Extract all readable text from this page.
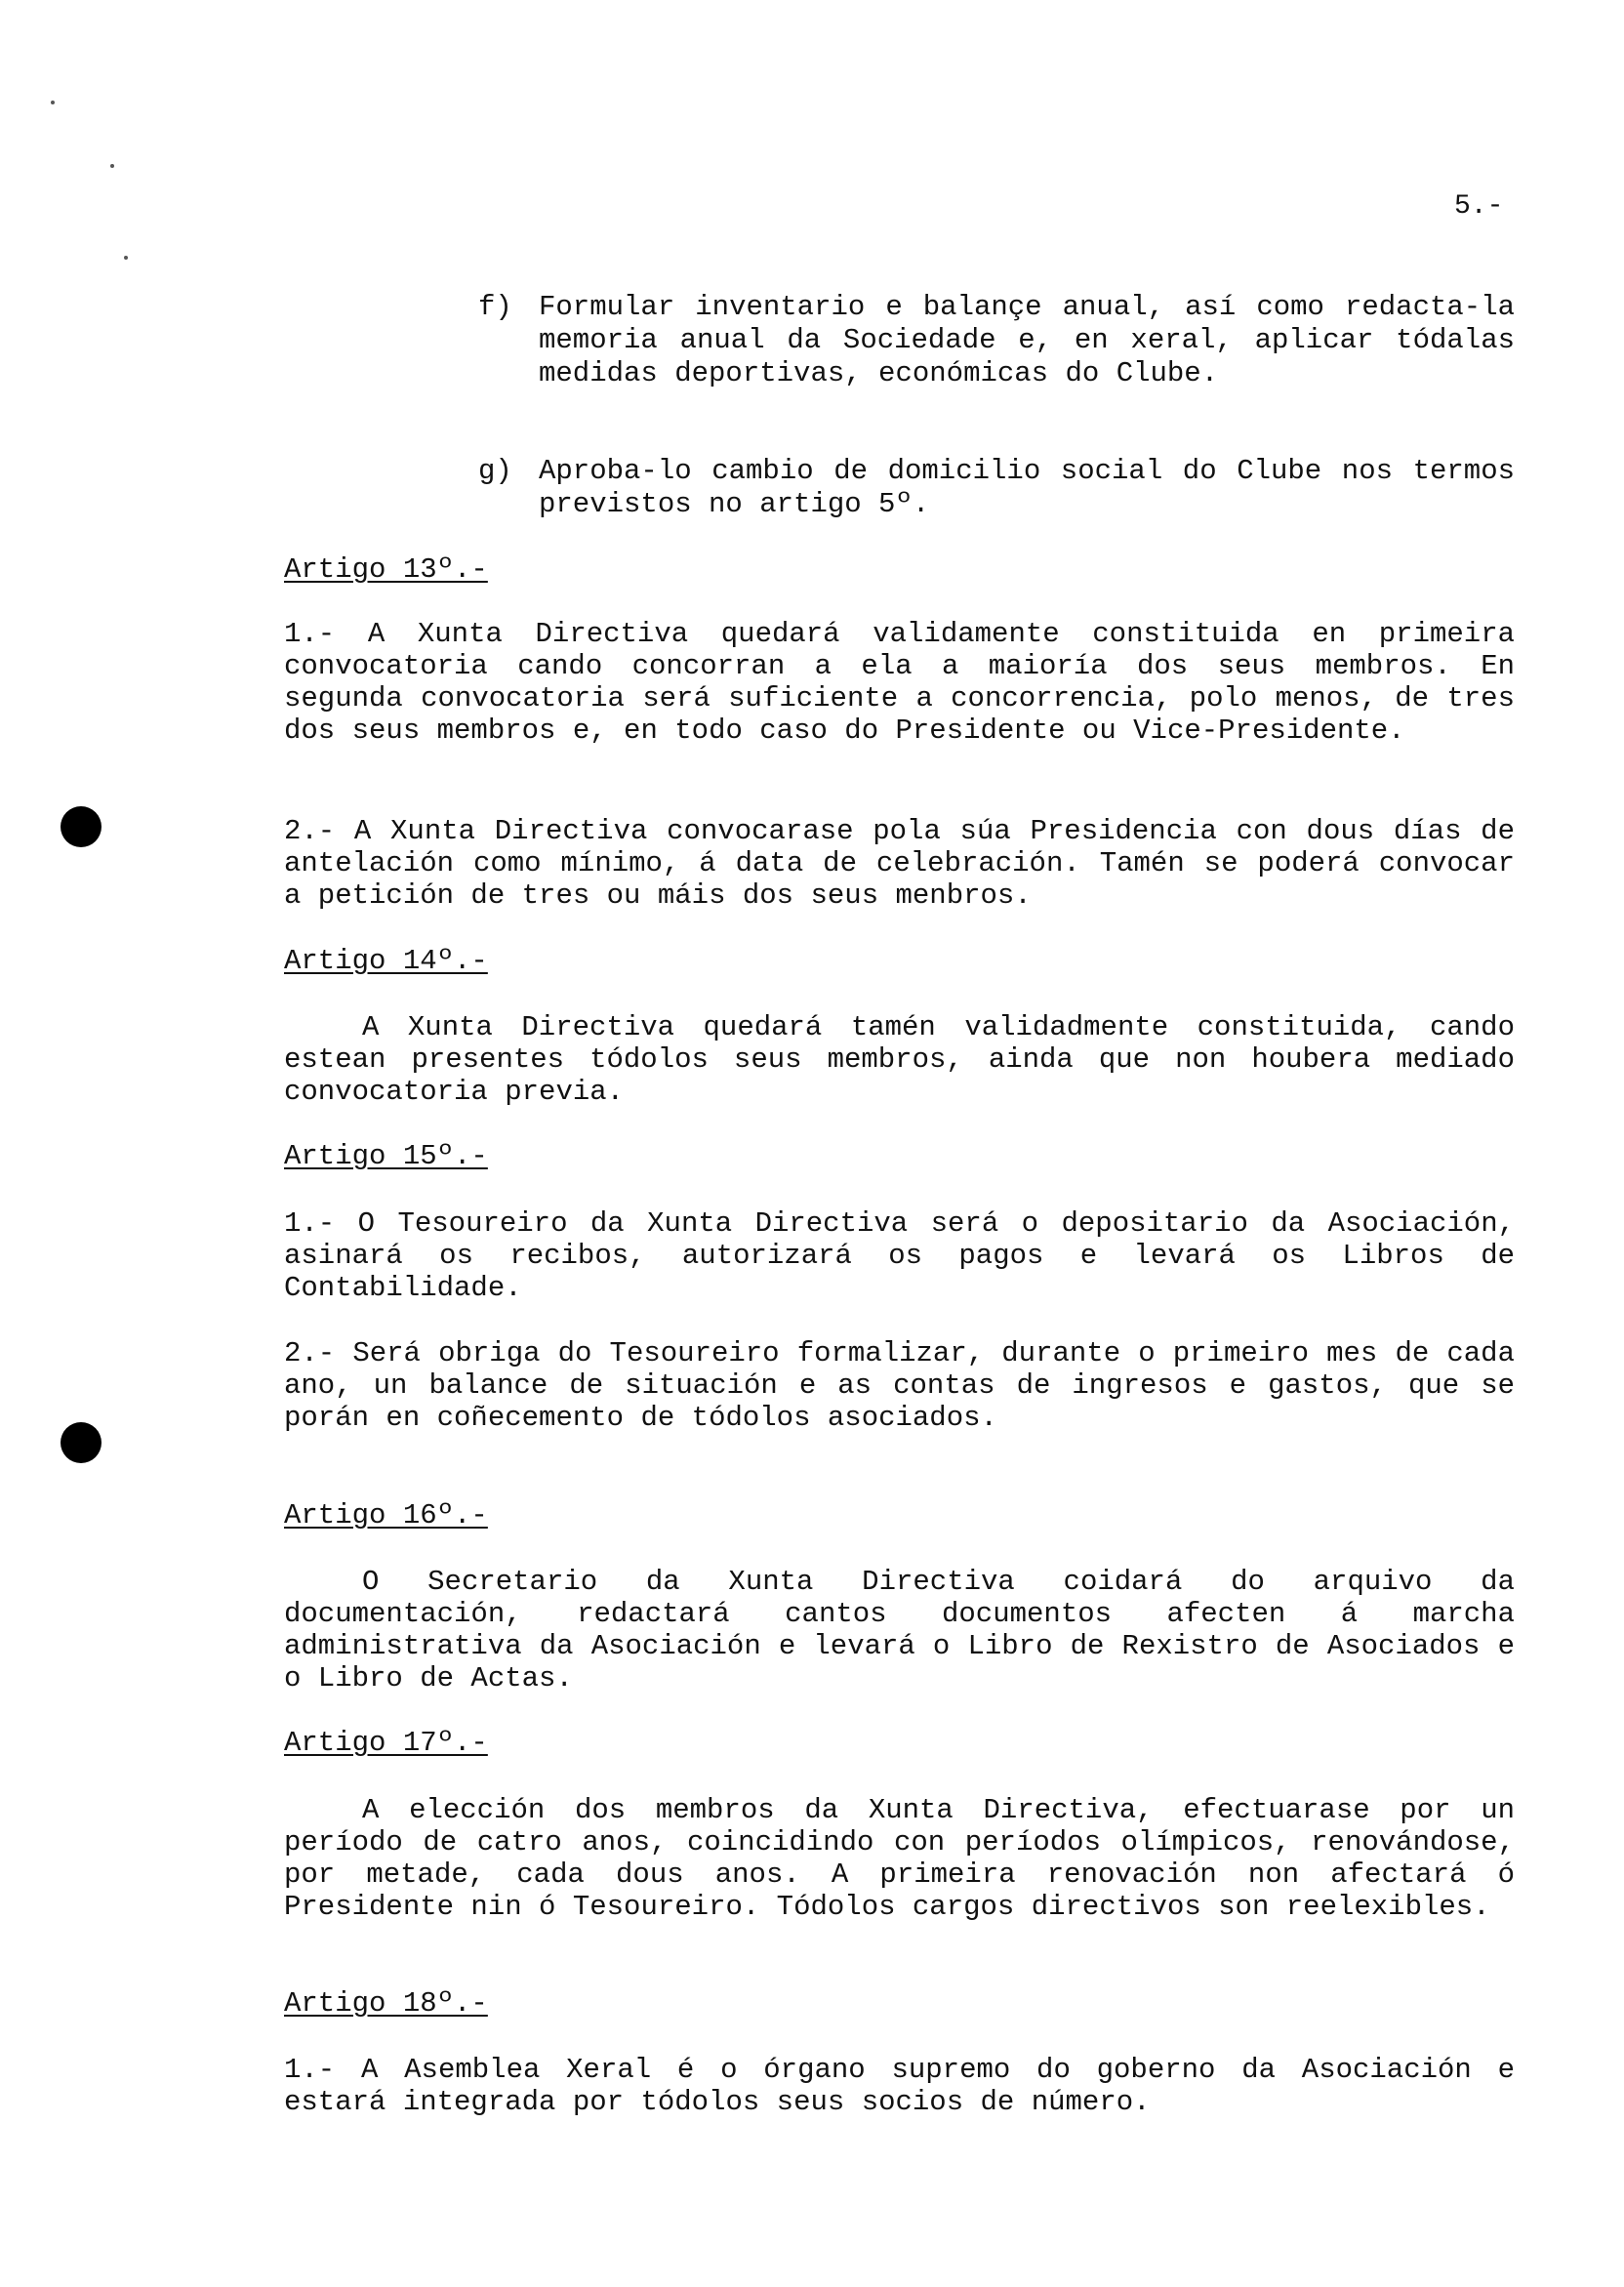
5.-
f) Formular inventario e balançe anual, así como redacta-la memoria anual da Sociedade e, en xeral, aplicar tódalas medidas deportivas, económicas do Clube.
g) Aproba-lo cambio de domicilio social do Clube nos termos previstos no artigo 5º.
Artigo 13º.-
1.- A Xunta Directiva quedará validamente constituida en primeira convocatoria cando concorran a ela a maioría dos seus membros. En segunda convocatoria será suficiente a concorrencia, polo menos, de tres dos seus membros e, en todo caso do Presidente ou Vice-Presidente.
2.- A Xunta Directiva convocarase pola súa Presidencia con dous días de antelación como mínimo, á data de celebración. Tamén se poderá convocar a petición de tres ou máis dos seus menbros.
Artigo 14º.-
A Xunta Directiva quedará tamén validadmente constituida, cando estean presentes tódolos seus membros, ainda que non houbera mediado convocatoria previa.
Artigo 15º.-
1.- O Tesoureiro da Xunta Directiva será o depositario da Asociación, asinará os recibos, autorizará os pagos e levará os Libros de Contabilidade.
2.- Será obriga do Tesoureiro formalizar, durante o primeiro mes de cada ano, un balance de situación e as contas de ingresos e gastos, que se porán en coñecemento de tódolos asociados.
Artigo 16º.-
O Secretario da Xunta Directiva coidará do arquivo da documentación, redactará cantos documentos afecten á marcha administrativa da Asociación e levará o Libro de Rexistro de Asociados e o Libro de Actas.
Artigo 17º.-
A elección dos membros da Xunta Directiva, efectuarase por un período de catro anos, coincidindo con períodos olímpicos, renovándose, por metade, cada dous anos. A primeira renovación non afectará ó Presidente nin ó Tesoureiro. Tódolos cargos directivos son reelexibles.
Artigo 18º.-
1.- A Asemblea Xeral é o órgano supremo do goberno da Asociación e estará integrada por tódolos seus socios de número.
